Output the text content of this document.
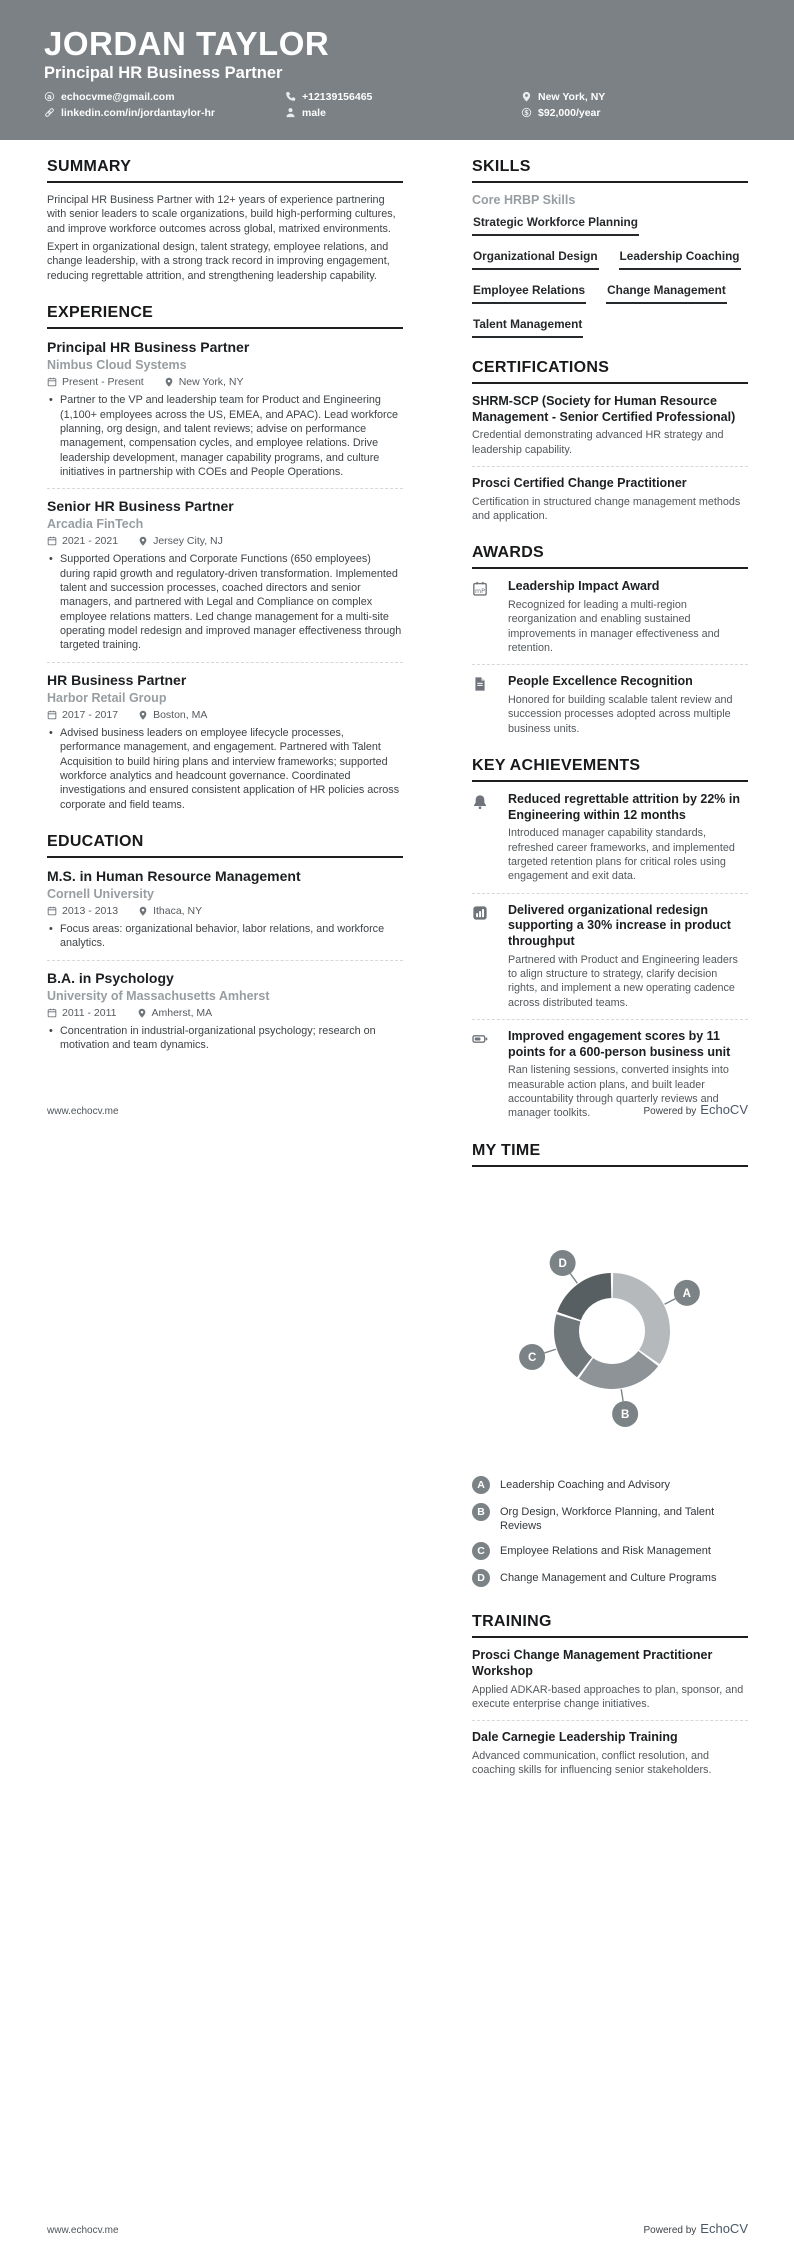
JORDAN TAYLOR
Principal HR Business Partner
echocvme@gmail.com	+12139156465	New York, NY
linkedin.com/in/jordantaylor-hr	male	$92,000/year
SUMMARY

Principal HR Business Partner with 12+ years of experience partnering with senior leaders to scale organizations, build high-performing cultures, and improve workforce outcomes across global, matrixed environments.

Expert in organizational design, talent strategy, employee relations, and change leadership, with a strong track record in improving engagement, reducing regrettable attrition, and strengthening leadership capability.

EXPERIENCE
Principal HR Business Partner
Nimbus Cloud Systems
Present - Present	New York, NY
• Partner to the VP and leadership team for Product and Engineering (1,100+ employees across the US, EMEA, and APAC). Lead workforce planning, org design, and talent reviews; advise on performance management, compensation cycles, and employee relations. Drive leadership development, manager capability programs, and culture initiatives in partnership with COEs and People Operations.
Senior HR Business Partner
Arcadia FinTech
2021 - 2021	Jersey City, NJ
• Supported Operations and Corporate Functions (650 employees) during rapid growth and regulatory-driven transformation. Implemented talent and succession processes, coached directors and senior managers, and partnered with Legal and Compliance on complex employee relations matters. Led change management for a multi-site operating model redesign and improved manager effectiveness through targeted training.
HR Business Partner
Harbor Retail Group
2017 - 2017	Boston, MA
• Advised business leaders on employee lifecycle processes, performance management, and engagement. Partnered with Talent Acquisition to build hiring plans and interview frameworks; supported workforce analytics and headcount governance. Coordinated investigations and ensured consistent application of HR policies across corporate and field teams.
EDUCATION
M.S. in Human Resource Management
Cornell University
2013 - 2013	Ithaca, NY
• Focus areas: organizational behavior, labor relations, and workforce analytics.
B.A. in Psychology
University of Massachusetts Amherst
2011 - 2011	Amherst, MA
• Concentration in industrial-organizational psychology; research on motivation and team dynamics.
SKILLS
Core HRBP Skills
Strategic Workforce Planning
Organizational Design Leadership Coaching
Employee Relations Change Management
Talent Management
CERTIFICATIONS
SHRM-SCP (Society for Human Resource Management - Senior Certified Professional)

Credential demonstrating advanced HR strategy and leadership capability.

Prosci Certified Change Practitioner

Certification in structured change management methods and application.

AWARDS
Leadership Impact Award

Recognized for leading a multi-region reorganization and enabling sustained improvements in manager effectiveness and retention.

People Excellence Recognition

Honored for building scalable talent review and succession processes adopted across multiple business units.

KEY ACHIEVEMENTS
Reduced regrettable attrition by 22% in Engineering within 12 months

Introduced manager capability standards, refreshed career frameworks, and implemented targeted retention plans for critical roles using engagement and exit data.

Delivered organizational redesign supporting a 30% increase in product throughput

Partnered with Product and Engineering leaders to align structure to strategy, clarify decision rights, and implement a new operating cadence across distributed teams.

Improved engagement scores by 11 points for a 600-person business unit

Ran listening sessions, converted insights into measurable action plans, and built leader accountability through quarterly reviews and manager toolkits.

MY TIME
A
B
C
D
A	Leadership Coaching and Advisory
B	Org Design, Workforce Planning, and Talent Reviews
C	Employee Relations and Risk Management
D	Change Management and Culture Programs
TRAINING
Prosci Change Management Practitioner Workshop

Applied ADKAR-based approaches to plan, sponsor, and execute enterprise change initiatives.

Dale Carnegie Leadership Training

Advanced communication, conflict resolution, and coaching skills for influencing senior stakeholders.

www.echocv.me	Powered by EchoCV
www.echocv.me	Powered by EchoCV
